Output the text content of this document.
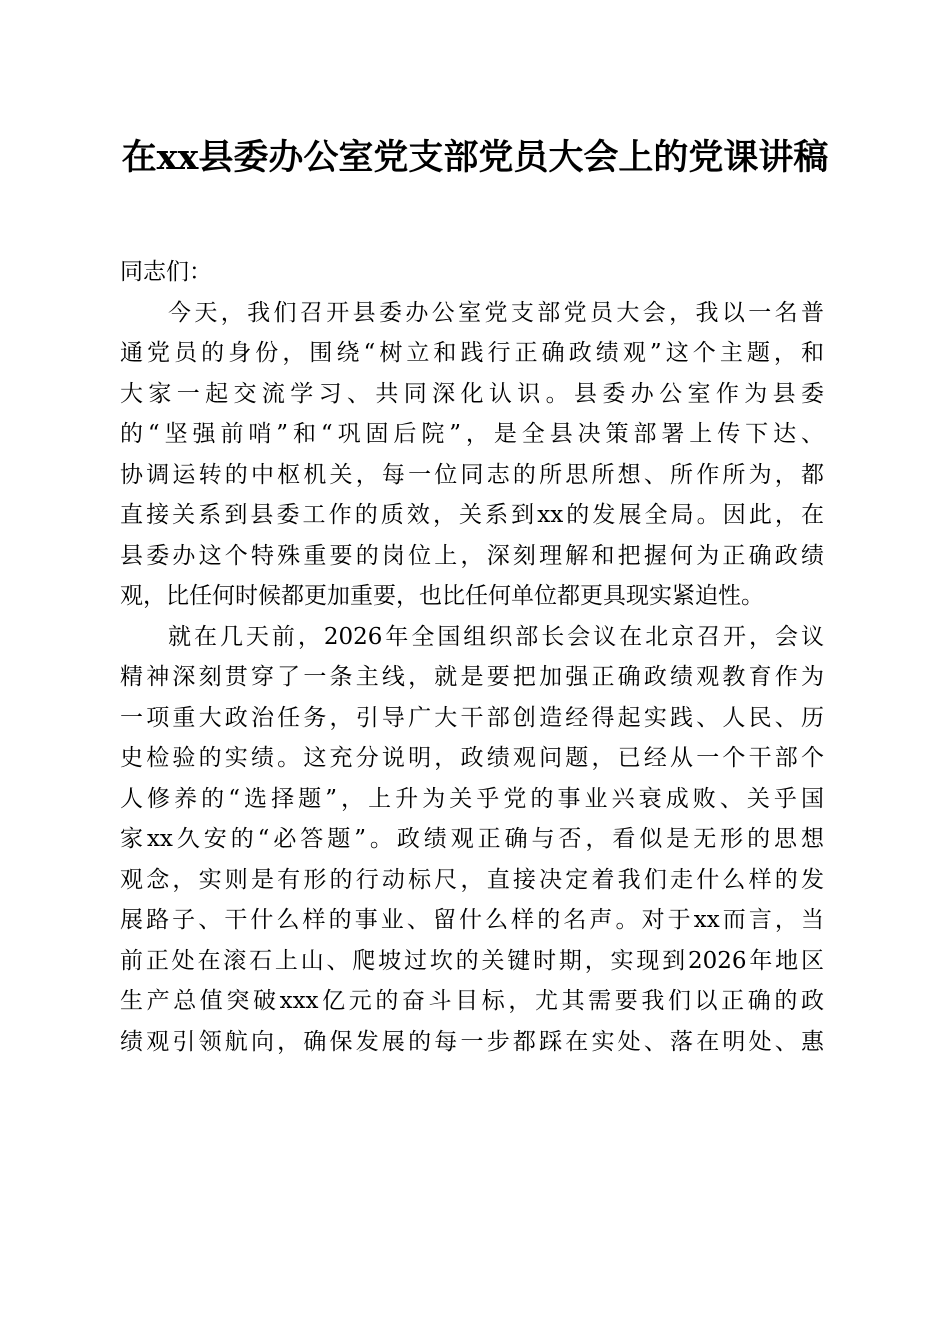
在xx县委办公室党支部党员大会上的党课讲稿

同志们：

今天，我们召开县委办公室党支部党员大会，我以一名普
通党员的身份，围绕“树立和践行正确政绩观”这个主题，和
大家一起交流学习、共同深化认识。县委办公室作为县委
的“坚强前哨”和“巩固后院”，是全县决策部署上传下达、
协调运转的中枢机关，每一位同志的所思所想、所作所为，都
直接关系到县委工作的质效，关系到xx的发展全局。因此，在
县委办这个特殊重要的岗位上，深刻理解和把握何为正确政绩
观，比任何时候都更加重要，也比任何单位都更具现实紧迫性。
就在几天前，2026年全国组织部长会议在北京召开，会议
精神深刻贯穿了一条主线，就是要把加强正确政绩观教育作为
一项重大政治任务，引导广大干部创造经得起实践、人民、历
史检验的实绩。这充分说明，政绩观问题，已经从一个干部个
人修养的“选择题”，上升为关乎党的事业兴衰成败、关乎国
家xx久安的“必答题”。政绩观正确与否，看似是无形的思想
观念，实则是有形的行动标尺，直接决定着我们走什么样的发
展路子、干什么样的事业、留什么样的名声。对于xx而言，当
前正处在滚石上山、爬坡过坎的关键时期，实现到2026年地区
生产总值突破xxx亿元的奋斗目标，尤其需要我们以正确的政
绩观引领航向，确保发展的每一步都踩在实处、落在明处、惠
